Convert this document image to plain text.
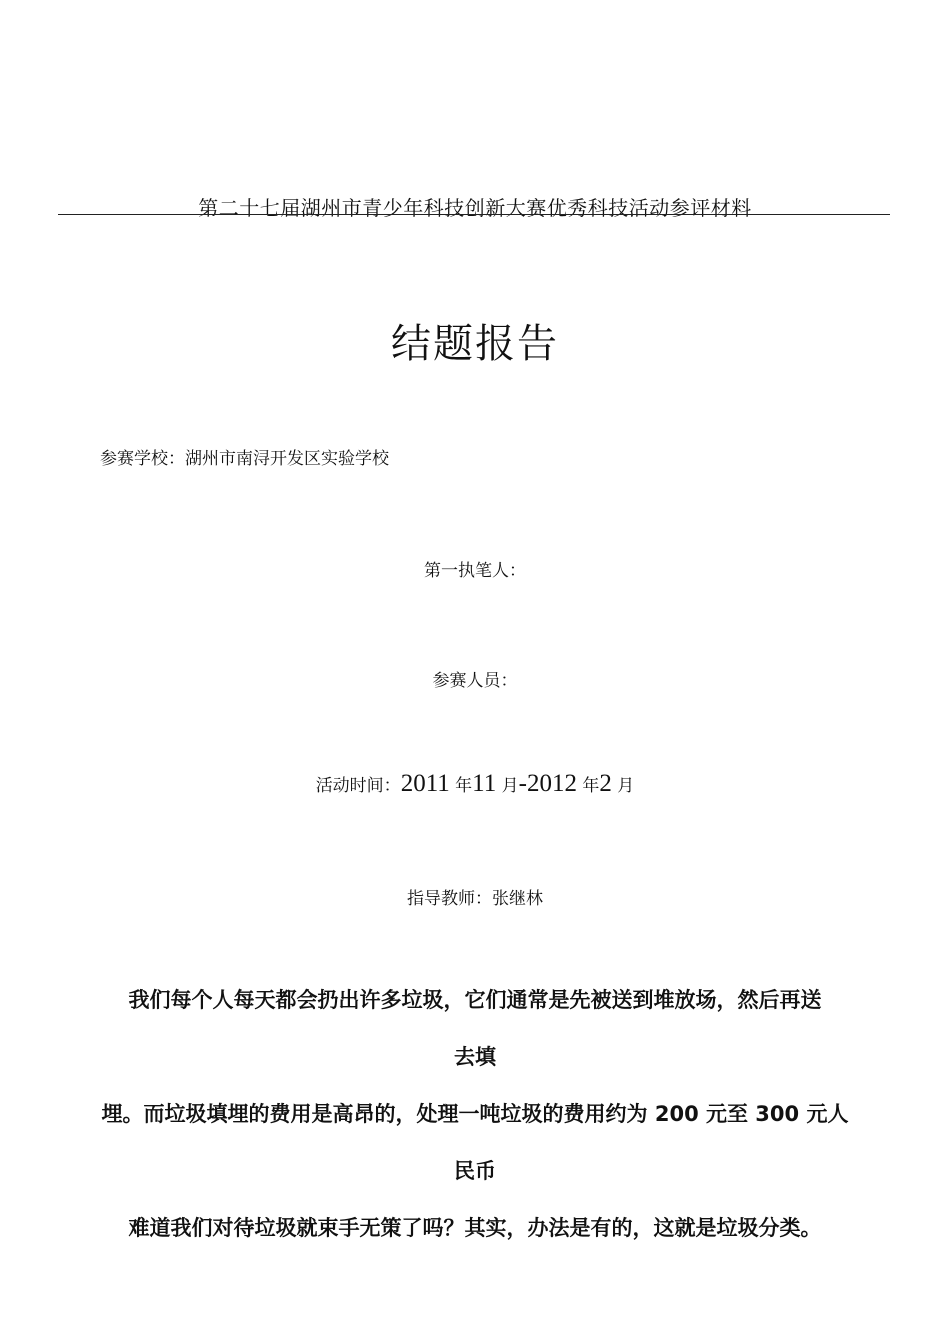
第二十七届湖州市青少年科技创新大赛优秀科技活动参评材料
结题报告
参赛学校：湖州市南浔开发区实验学校
第一执笔人：
参赛人员：
活动时间：2011 年11 月-2012 年2 月
指导教师：张继林
我们每个人每天都会扔出许多垃圾，它们通常是先被送到堆放场，然后再送
去填
埋。而垃圾填埋的费用是高昂的，处理一吨垃圾的费用约为 200 元至 300 元人
民币
难道我们对待垃圾就束手无策了吗？其实，办法是有的，这就是垃圾分类。
